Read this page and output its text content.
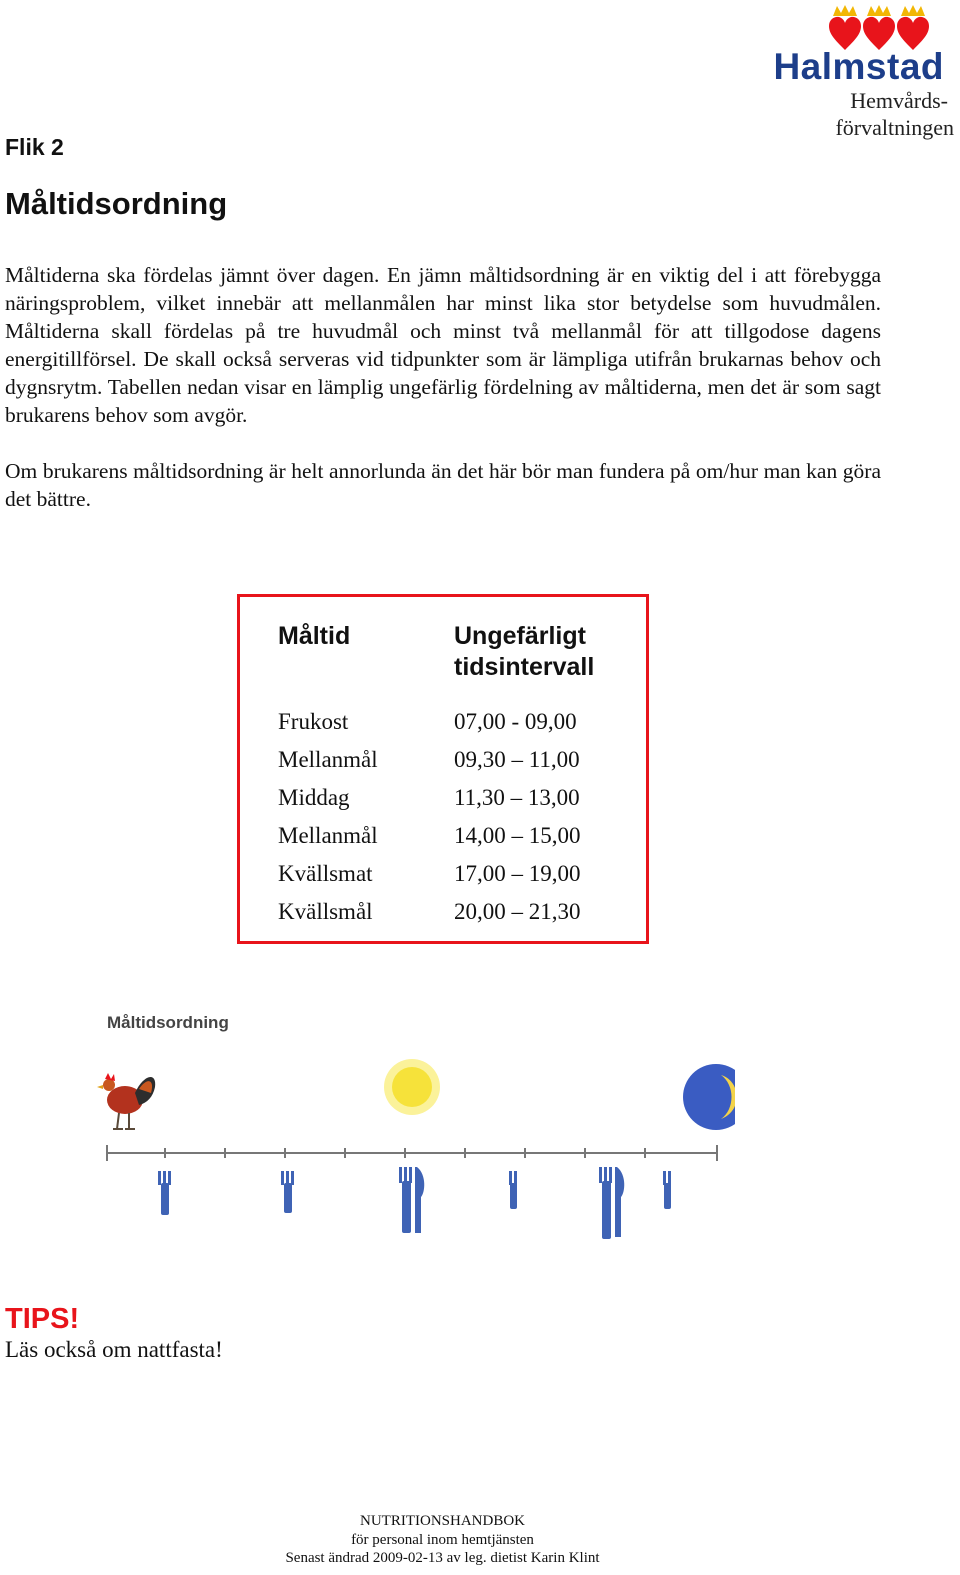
Halmstad
Hemvårds-
förvaltningen
Flik 2
Måltidsordning

Måltiderna ska fördelas jämnt över dagen. En jämn måltidsordning är en viktig del i att förebygga näringsproblem, vilket innebär att mellanmålen har minst lika stor betydelse som huvudmålen. Måltiderna skall fördelas på tre huvudmål och minst två mellanmål för att tillgodose dagens energitillförsel. De skall också serveras vid tidpunkter som är lämpliga utifrån brukarnas behov och dygnsrytm. Tabellen nedan visar en lämplig ungefärlig fördelning av måltiderna, men det är som sagt brukarens behov som avgör.

Om brukarens måltidsordning är helt annorlunda än det här bör man fundera på om/hur man kan göra det bättre.

Måltid	Ungefärligt tidsintervall
Frukost	07,00 - 09,00
Mellanmål	09,30 – 11,00
Middag	11,30 – 13,00
Mellanmål	14,00 – 15,00
Kvällsmat	17,00 – 19,00
Kvällsmål	20,00 – 21,30
Måltidsordning
TIPS!
Läs också om nattfasta!
NUTRITIONSHANDBOK
för personal inom hemtjänsten
Senast ändrad 2009-02-13 av leg. dietist Karin Klint
